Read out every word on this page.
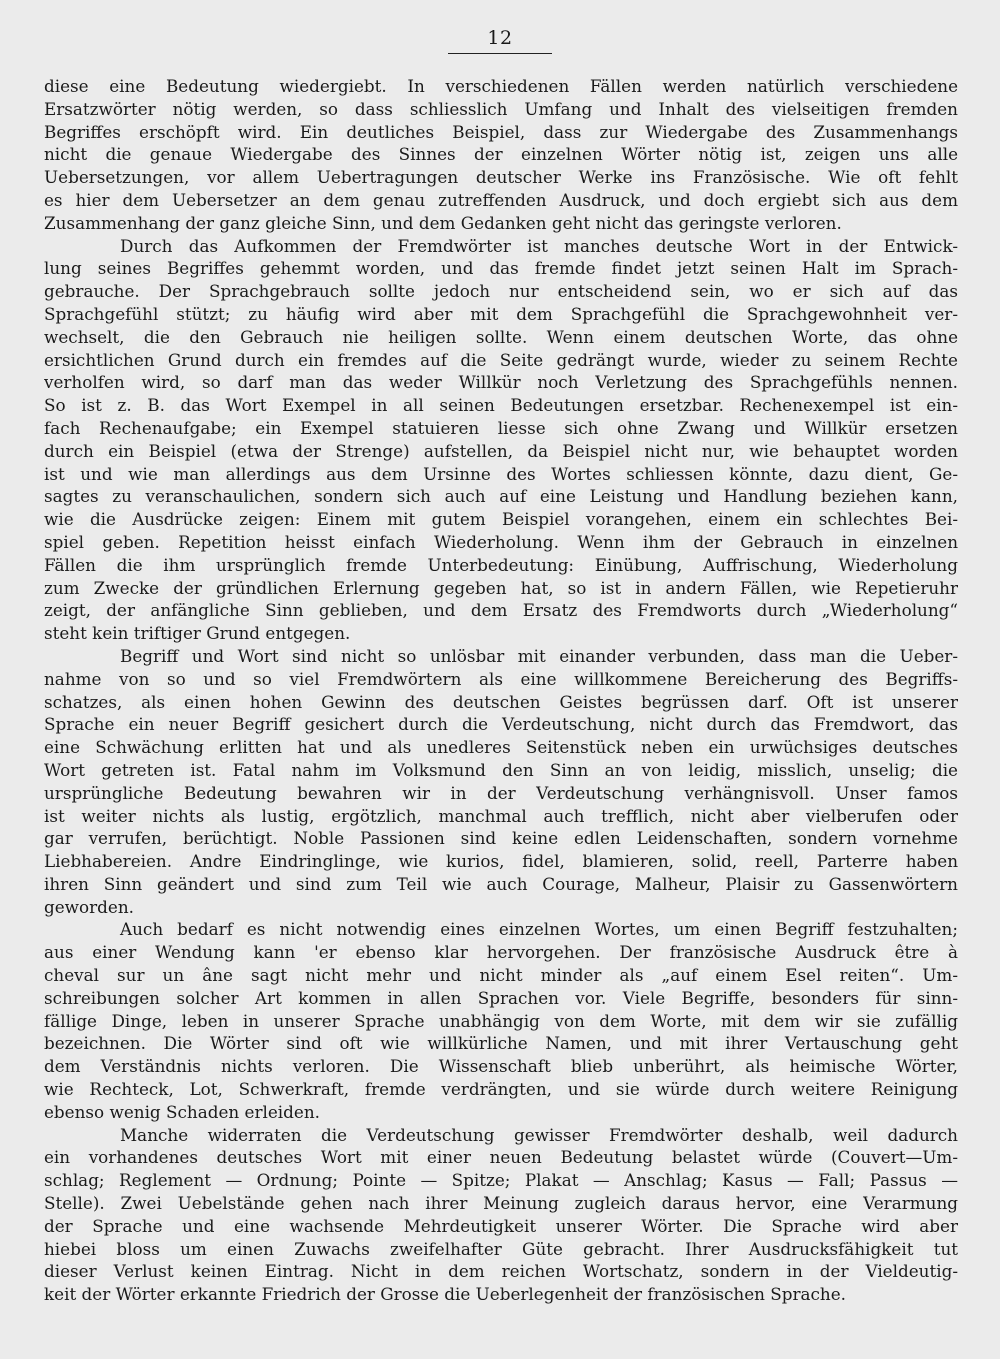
12
diese eine Bedeutung wiedergiebt. In verschiedenen Fällen werden natürlich verschiedene
Ersatzwörter nötig werden, so dass schliesslich Umfang und Inhalt des vielseitigen fremden
Begriffes erschöpft wird. Ein deutliches Beispiel, dass zur Wiedergabe des Zusammenhangs
nicht die genaue Wiedergabe des Sinnes der einzelnen Wörter nötig ist, zeigen uns alle
Uebersetzungen, vor allem Uebertragungen deutscher Werke ins Französische. Wie oft fehlt
es hier dem Uebersetzer an dem genau zutreffenden Ausdruck, und doch ergiebt sich aus dem
Zusammenhang der ganz gleiche Sinn, und dem Gedanken geht nicht das geringste verloren.
Durch das Aufkommen der Fremdwörter ist manches deutsche Wort in der Entwick-
lung seines Begriffes gehemmt worden, und das fremde findet jetzt seinen Halt im Sprach-
gebrauche. Der Sprachgebrauch sollte jedoch nur entscheidend sein, wo er sich auf das
Sprachgefühl stützt; zu häufig wird aber mit dem Sprachgefühl die Sprachgewohnheit ver-
wechselt, die den Gebrauch nie heiligen sollte. Wenn einem deutschen Worte, das ohne
ersichtlichen Grund durch ein fremdes auf die Seite gedrängt wurde, wieder zu seinem Rechte
verholfen wird, so darf man das weder Willkür noch Verletzung des Sprachgefühls nennen.
So ist z. B. das Wort Exempel in all seinen Bedeutungen ersetzbar. Rechenexempel ist ein-
fach Rechenaufgabe; ein Exempel statuieren liesse sich ohne Zwang und Willkür ersetzen
durch ein Beispiel (etwa der Strenge) aufstellen, da Beispiel nicht nur, wie behauptet worden
ist und wie man allerdings aus dem Ursinne des Wortes schliessen könnte, dazu dient, Ge-
sagtes zu veranschaulichen, sondern sich auch auf eine Leistung und Handlung beziehen kann,
wie die Ausdrücke zeigen: Einem mit gutem Beispiel vorangehen, einem ein schlechtes Bei-
spiel geben. Repetition heisst einfach Wiederholung. Wenn ihm der Gebrauch in einzelnen
Fällen die ihm ursprünglich fremde Unterbedeutung: Einübung, Auffrischung, Wiederholung
zum Zwecke der gründlichen Erlernung gegeben hat, so ist in andern Fällen, wie Repetieruhr
zeigt, der anfängliche Sinn geblieben, und dem Ersatz des Fremdworts durch „Wiederholung“
steht kein triftiger Grund entgegen.
Begriff und Wort sind nicht so unlösbar mit einander verbunden, dass man die Ueber-
nahme von so und so viel Fremdwörtern als eine willkommene Bereicherung des Begriffs-
schatzes, als einen hohen Gewinn des deutschen Geistes begrüssen darf. Oft ist unserer
Sprache ein neuer Begriff gesichert durch die Verdeutschung, nicht durch das Fremdwort, das
eine Schwächung erlitten hat und als unedleres Seitenstück neben ein urwüchsiges deutsches
Wort getreten ist. Fatal nahm im Volksmund den Sinn an von leidig, misslich, unselig; die
ursprüngliche Bedeutung bewahren wir in der Verdeutschung verhängnisvoll. Unser famos
ist weiter nichts als lustig, ergötzlich, manchmal auch trefflich, nicht aber vielberufen oder
gar verrufen, berüchtigt. Noble Passionen sind keine edlen Leidenschaften, sondern vornehme
Liebhabereien. Andre Eindringlinge, wie kurios, fidel, blamieren, solid, reell, Parterre haben
ihren Sinn geändert und sind zum Teil wie auch Courage, Malheur, Plaisir zu Gassenwörtern
geworden.
Auch bedarf es nicht notwendig eines einzelnen Wortes, um einen Begriff festzuhalten;
aus einer Wendung kann 'er ebenso klar hervorgehen. Der französische Ausdruck être à
cheval sur un âne sagt nicht mehr und nicht minder als „auf einem Esel reiten“. Um-
schreibungen solcher Art kommen in allen Sprachen vor. Viele Begriffe, besonders für sinn-
fällige Dinge, leben in unserer Sprache unabhängig von dem Worte, mit dem wir sie zufällig
bezeichnen. Die Wörter sind oft wie willkürliche Namen, und mit ihrer Vertauschung geht
dem Verständnis nichts verloren. Die Wissenschaft blieb unberührt, als heimische Wörter,
wie Rechteck, Lot, Schwerkraft, fremde verdrängten, und sie würde durch weitere Reinigung
ebenso wenig Schaden erleiden.
Manche widerraten die Verdeutschung gewisser Fremdwörter deshalb, weil dadurch
ein vorhandenes deutsches Wort mit einer neuen Bedeutung belastet würde (Couvert—Um-
schlag; Reglement — Ordnung; Pointe — Spitze; Plakat — Anschlag; Kasus — Fall; Passus —
Stelle). Zwei Uebelstände gehen nach ihrer Meinung zugleich daraus hervor, eine Verarmung
der Sprache und eine wachsende Mehrdeutigkeit unserer Wörter. Die Sprache wird aber
hiebei bloss um einen Zuwachs zweifelhafter Güte gebracht. Ihrer Ausdrucksfähigkeit tut
dieser Verlust keinen Eintrag. Nicht in dem reichen Wortschatz, sondern in der Vieldeutig-
keit der Wörter erkannte Friedrich der Grosse die Ueberlegenheit der französischen Sprache.
